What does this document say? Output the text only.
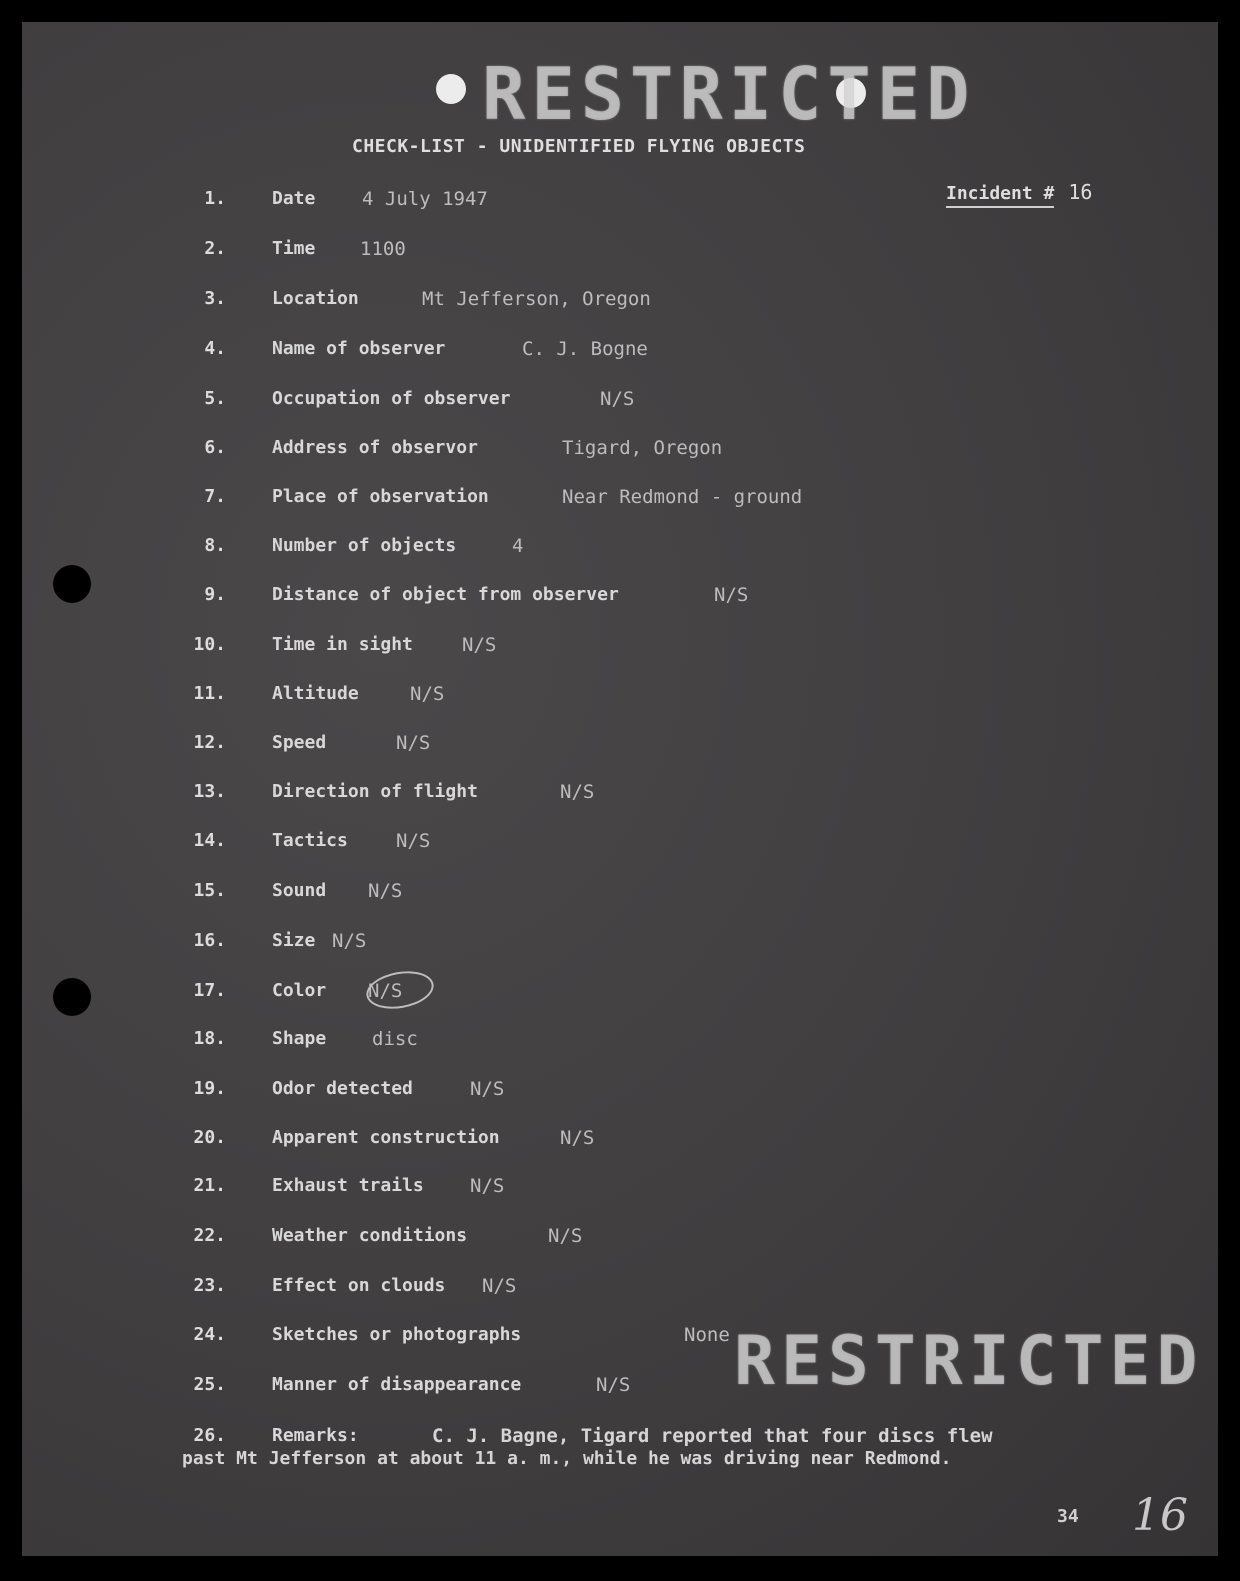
RESTRICTED
RESTRICTED
CHECK-LIST - UNIDENTIFIED FLYING OBJECTS
Incident # 16
1.	Date 4 July 1947
2.	Time 1100
3.	Location	Mt Jefferson, Oregon
4.	Name of observer	C. J. Bogne
5.	Occupation of observer	N/S
6.	Address of observor	Tigard, Oregon
7.	Place of observation	Near Redmond - ground
8.	Number of objects	4
9.	Distance of object from observer	N/S
10.	Time in sight	N/S
11.	Altitude	N/S
12.	Speed	N/S
13.	Direction of flight	N/S
14.	Tactics	N/S
15.	Sound N/S
16.	Size N/S
17.	Color N/S
18.	Shape disc
19.	Odor detected	N/S
20.	Apparent construction	N/S
21.	Exhaust trails N/S
22.	Weather conditions	N/S
23.	Effect on clouds N/S
24.	Sketches or photographs	None
25.	Manner of disappearance	N/S
26.	Remarks:	C. J. Bagne, Tigard reported that four discs flew
past Mt Jefferson at about 11 a. m., while he was driving near Redmond.
34 16
